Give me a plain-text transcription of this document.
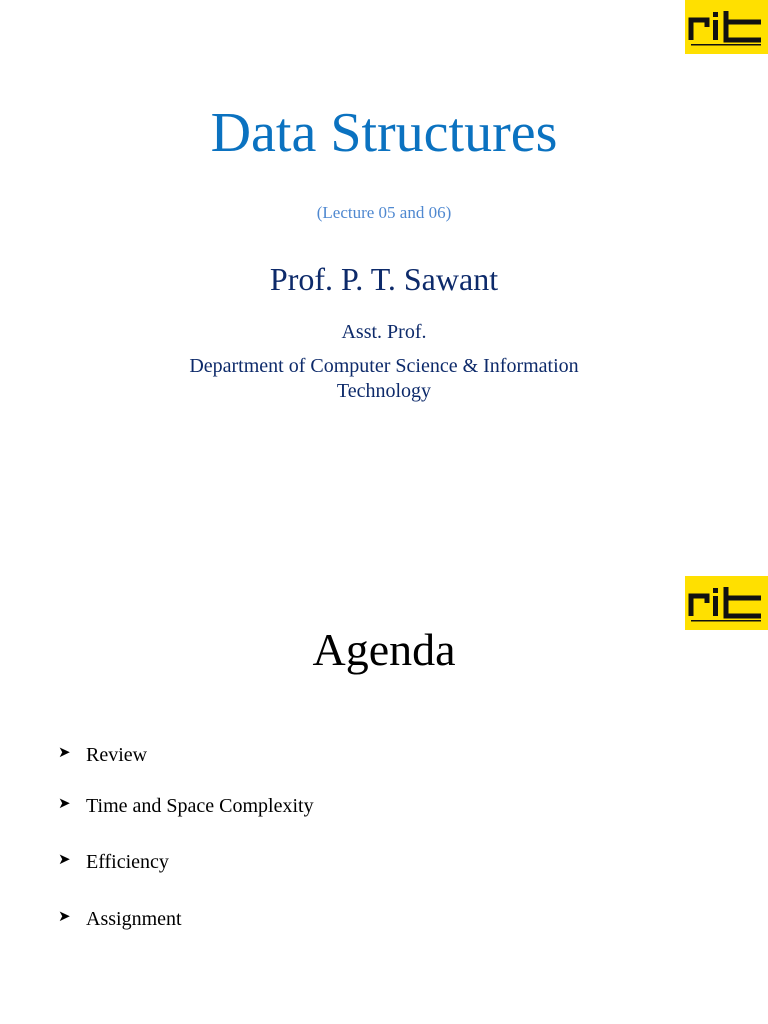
Data Structures
(Lecture 05 and 06)
Prof. P. T. Sawant
Asst. Prof.
Department of Computer Science & Information Technology
Agenda
➤ Review
➤ Time and Space Complexity
➤ Efficiency
➤ Assignment
